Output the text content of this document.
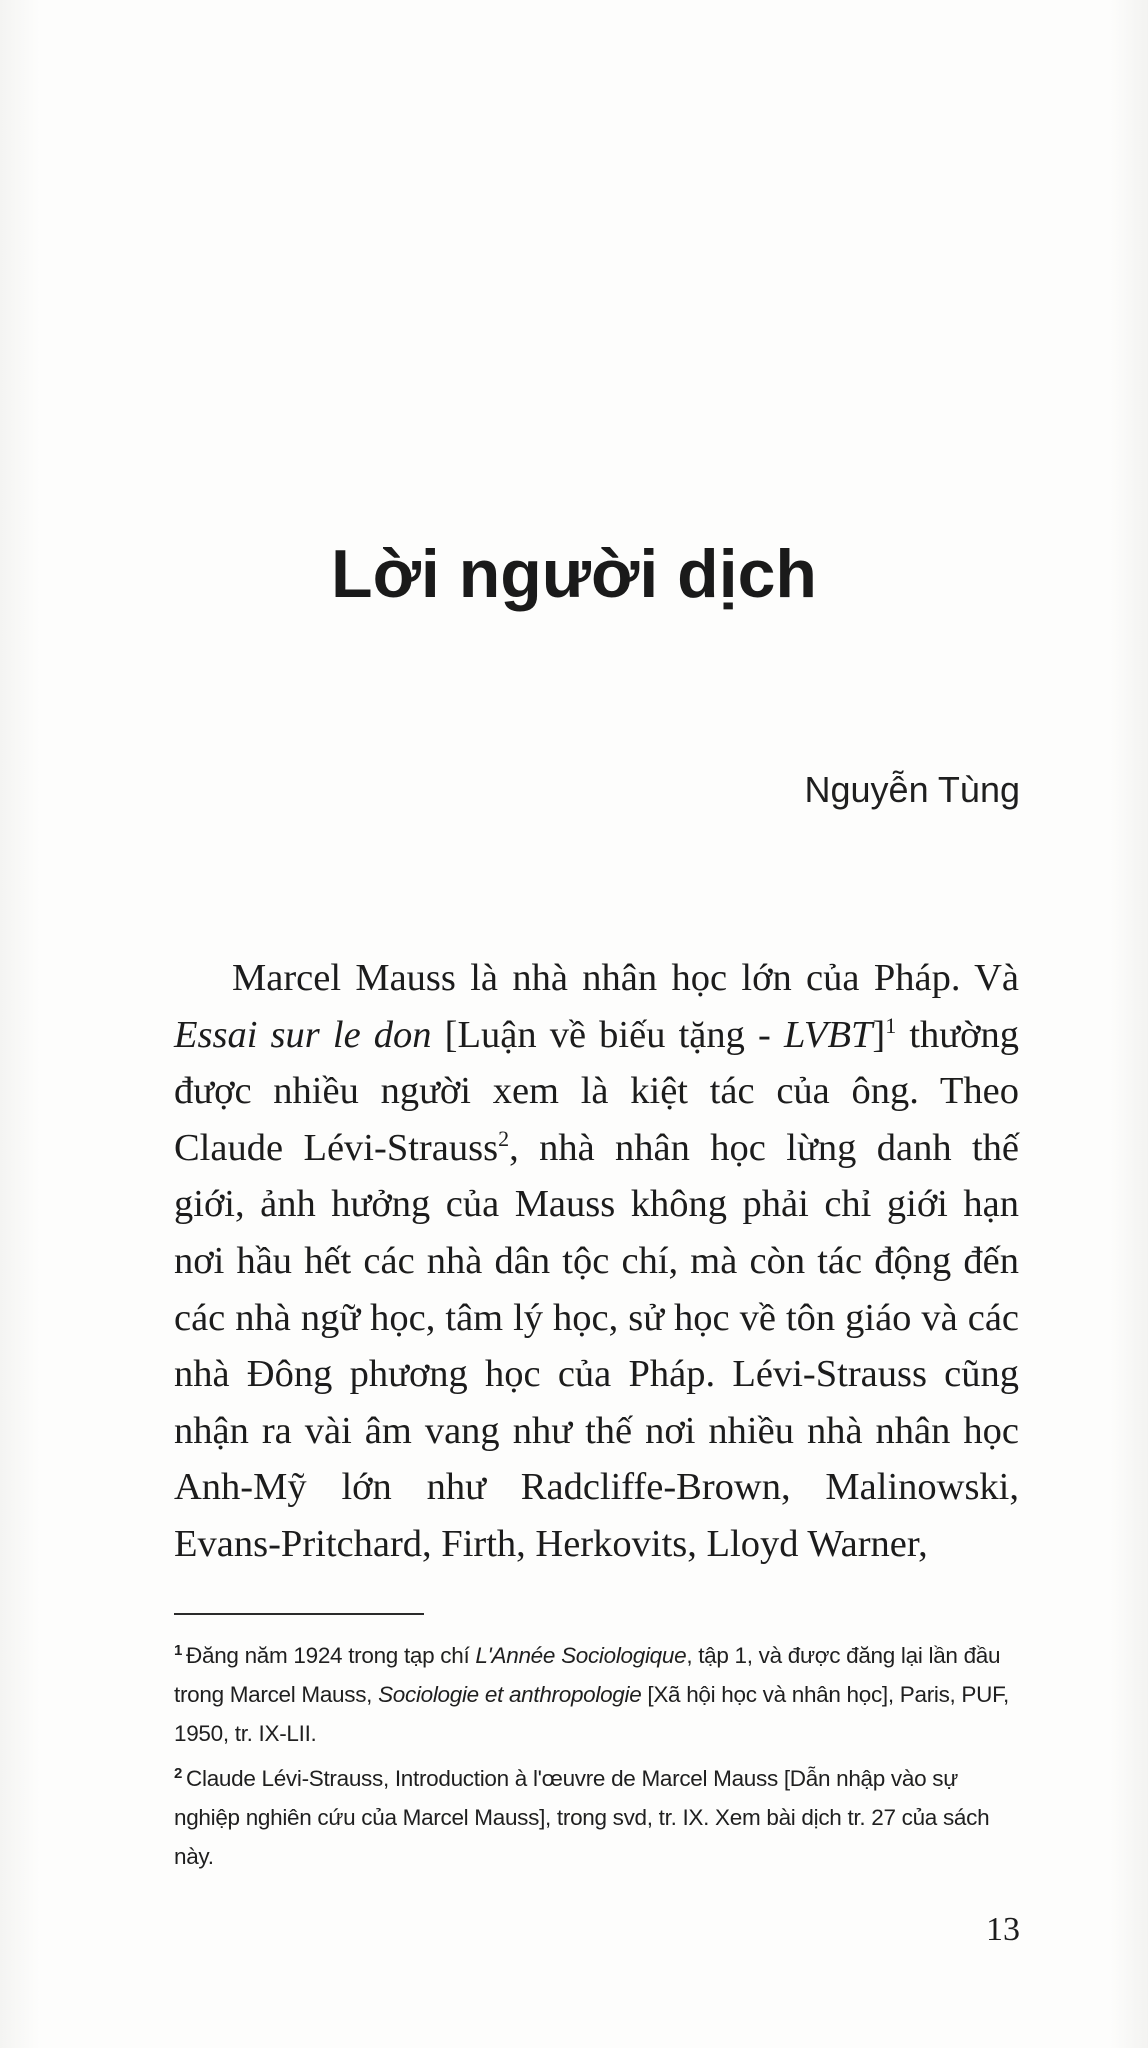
Lời người dịch
Nguyễn Tùng

Marcel Mauss là nhà nhân học lớn của Pháp. Và Essai sur le don [Luận về biếu tặng - LVBT]$^1$ thường được nhiều người xem là kiệt tác của ông. Theo Claude Lévi-Strauss$^2$, nhà nhân học lừng danh thế giới, ảnh hưởng của Mauss không phải chỉ giới hạn nơi hầu hết các nhà dân tộc chí, mà còn tác động đến các nhà ngữ học, tâm lý học, sử học về tôn giáo và các nhà Đông phương học của Pháp. Lévi-Strauss cũng nhận ra vài âm vang như thế nơi nhiều nhà nhân học Anh-Mỹ lớn như Radcliffe-Brown, Malinowski, Evans-Pritchard, Firth, Herkovits, Lloyd Warner,

$^1$ Đăng năm 1924 trong tạp chí L'Année Sociologique, tập 1, và được đăng lại lần đầu trong Marcel Mauss, Sociologie et anthropologie [Xã hội học và nhân học], Paris, PUF, 1950, tr. IX-LII.

$^2$ Claude Lévi-Strauss, Introduction à l'œuvre de Marcel Mauss [Dẫn nhập vào sự nghiệp nghiên cứu của Marcel Mauss], trong svd, tr. IX. Xem bài dịch tr. 27 của sách này.

13
